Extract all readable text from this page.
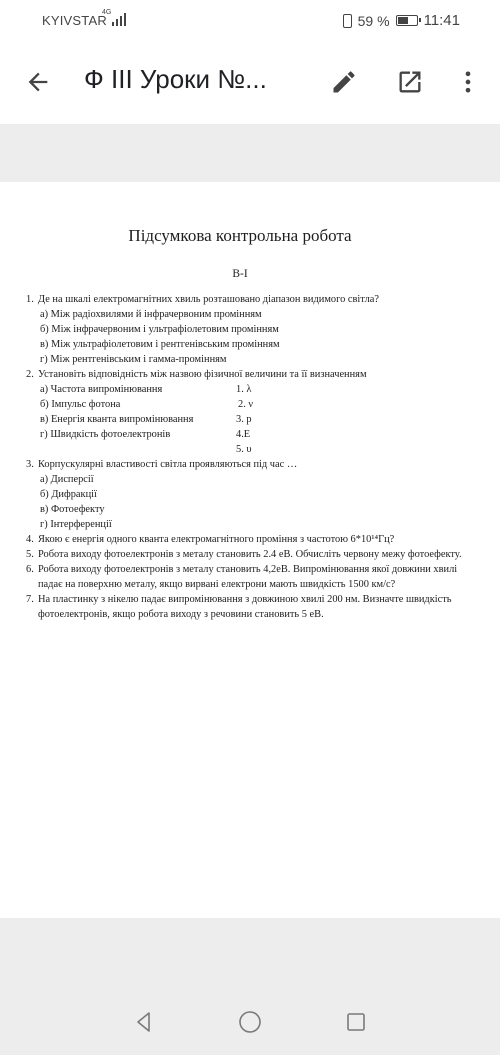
KYIVSTAR
4G	59 % 11:41
Ф III Уроки №...
Підсумкова контрольна робота
В-І
1. Де на шкалі електромагнітних хвиль розташовано діапазон видимого світла?
а) Між радіохвилями й інфрачервоним промінням
б) Між інфрачервоним і ультрафіолетовим промінням
в) Між ультрафіолетовим і рентгенівським промінням
г) Між рентгенівським і гамма-промінням
2. Установіть відповідність між назвою фізичної величини та її визначенням
а) Частота випромінювання	1. λ
б) Імпульс фотона	2. ν
в) Енергія кванта випромінювання	3. p
г) Швидкість фотоелектронів	4.E
5. υ
3. Корпускулярні властивості світла проявляються під час …
а) Дисперсії
б) Дифракції
в) Фотоефекту
г) Інтерференції
4. Якою є енергія одного кванта електромагнітного проміння з частотою 6*10¹⁴Гц?
5. Робота виходу фотоелектронів з металу становить 2.4 еВ. Обчисліть червону межу фотоефекту.
6. Робота виходу фотоелектронів з металу становить 4,2еВ. Випромінювання якої довжини хвилі падає на поверхню металу, якщо вирвані електрони мають швидкість 1500 км/с?
7. На пластинку з нікелю падає випромінювання з довжиною хвилі 200 нм. Визначте швидкість фотоелектронів, якщо робота виходу з речовини становить 5 еВ.
